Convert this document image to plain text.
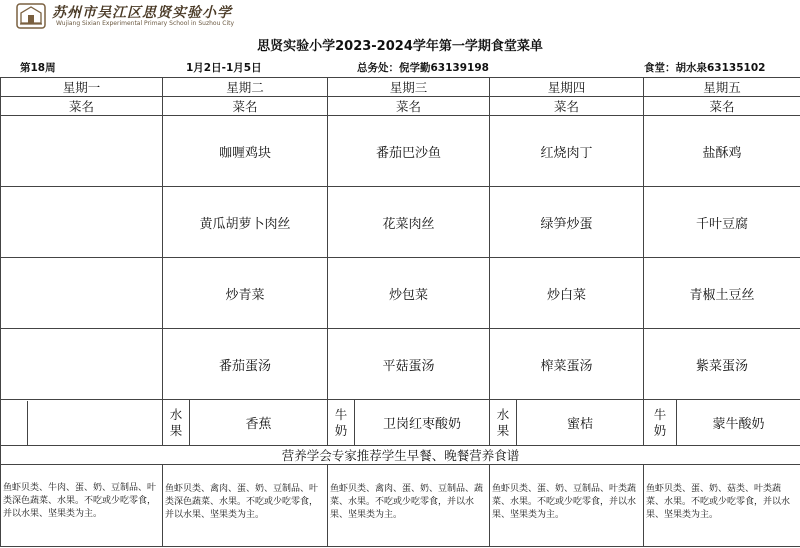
苏州市吴江区思贤实验小学
Wujiang Sixian Experimental Primary School in Suzhou City
思贤实验小学2023-2024学年第一学期食堂菜单
第18周	1月2日-1月5日	总务处：倪学勤63139198	食堂：胡水泉63135102
星期一	星期二		星期三		星期四		星期五	
菜名	菜名		菜名		菜名		菜名	
	咖喱鸡块		番茄巴沙鱼		红烧肉丁		盐酥鸡	
	黄瓜胡萝卜肉丝		花菜肉丝		绿笋炒蛋		千叶豆腐	
	炒青菜		炒包菜		炒白菜		青椒土豆丝	
	番茄蛋汤		平菇蛋汤		榨菜蛋汤		紫菜蛋汤	

	水果	香蕉	牛奶	卫岗红枣酸奶	水果	蜜桔	牛奶	蒙牛酸奶
营养学会专家推荐学生早餐、晚餐营养食谱								
鱼虾贝类、牛肉、蛋、奶、豆制品、叶类深色蔬菜、水果。不吃或少吃零食，并以水果、坚果类为主。	鱼虾贝类、禽肉、蛋、奶、豆制品、叶类深色蔬菜、水果。不吃或少吃零食，并以水果、坚果类为主。		鱼虾贝类、禽肉、蛋、奶、豆制品、蔬菜、水果。不吃或少吃零食，并以水果、坚果类为主。		鱼虾贝类、蛋、奶、豆制品、叶类蔬菜、水果。不吃或少吃零食，并以水果、坚果类为主。		鱼虾贝类、蛋、奶、菇类、叶类蔬菜、水果。不吃或少吃零食，并以水果、坚果类为主。	
